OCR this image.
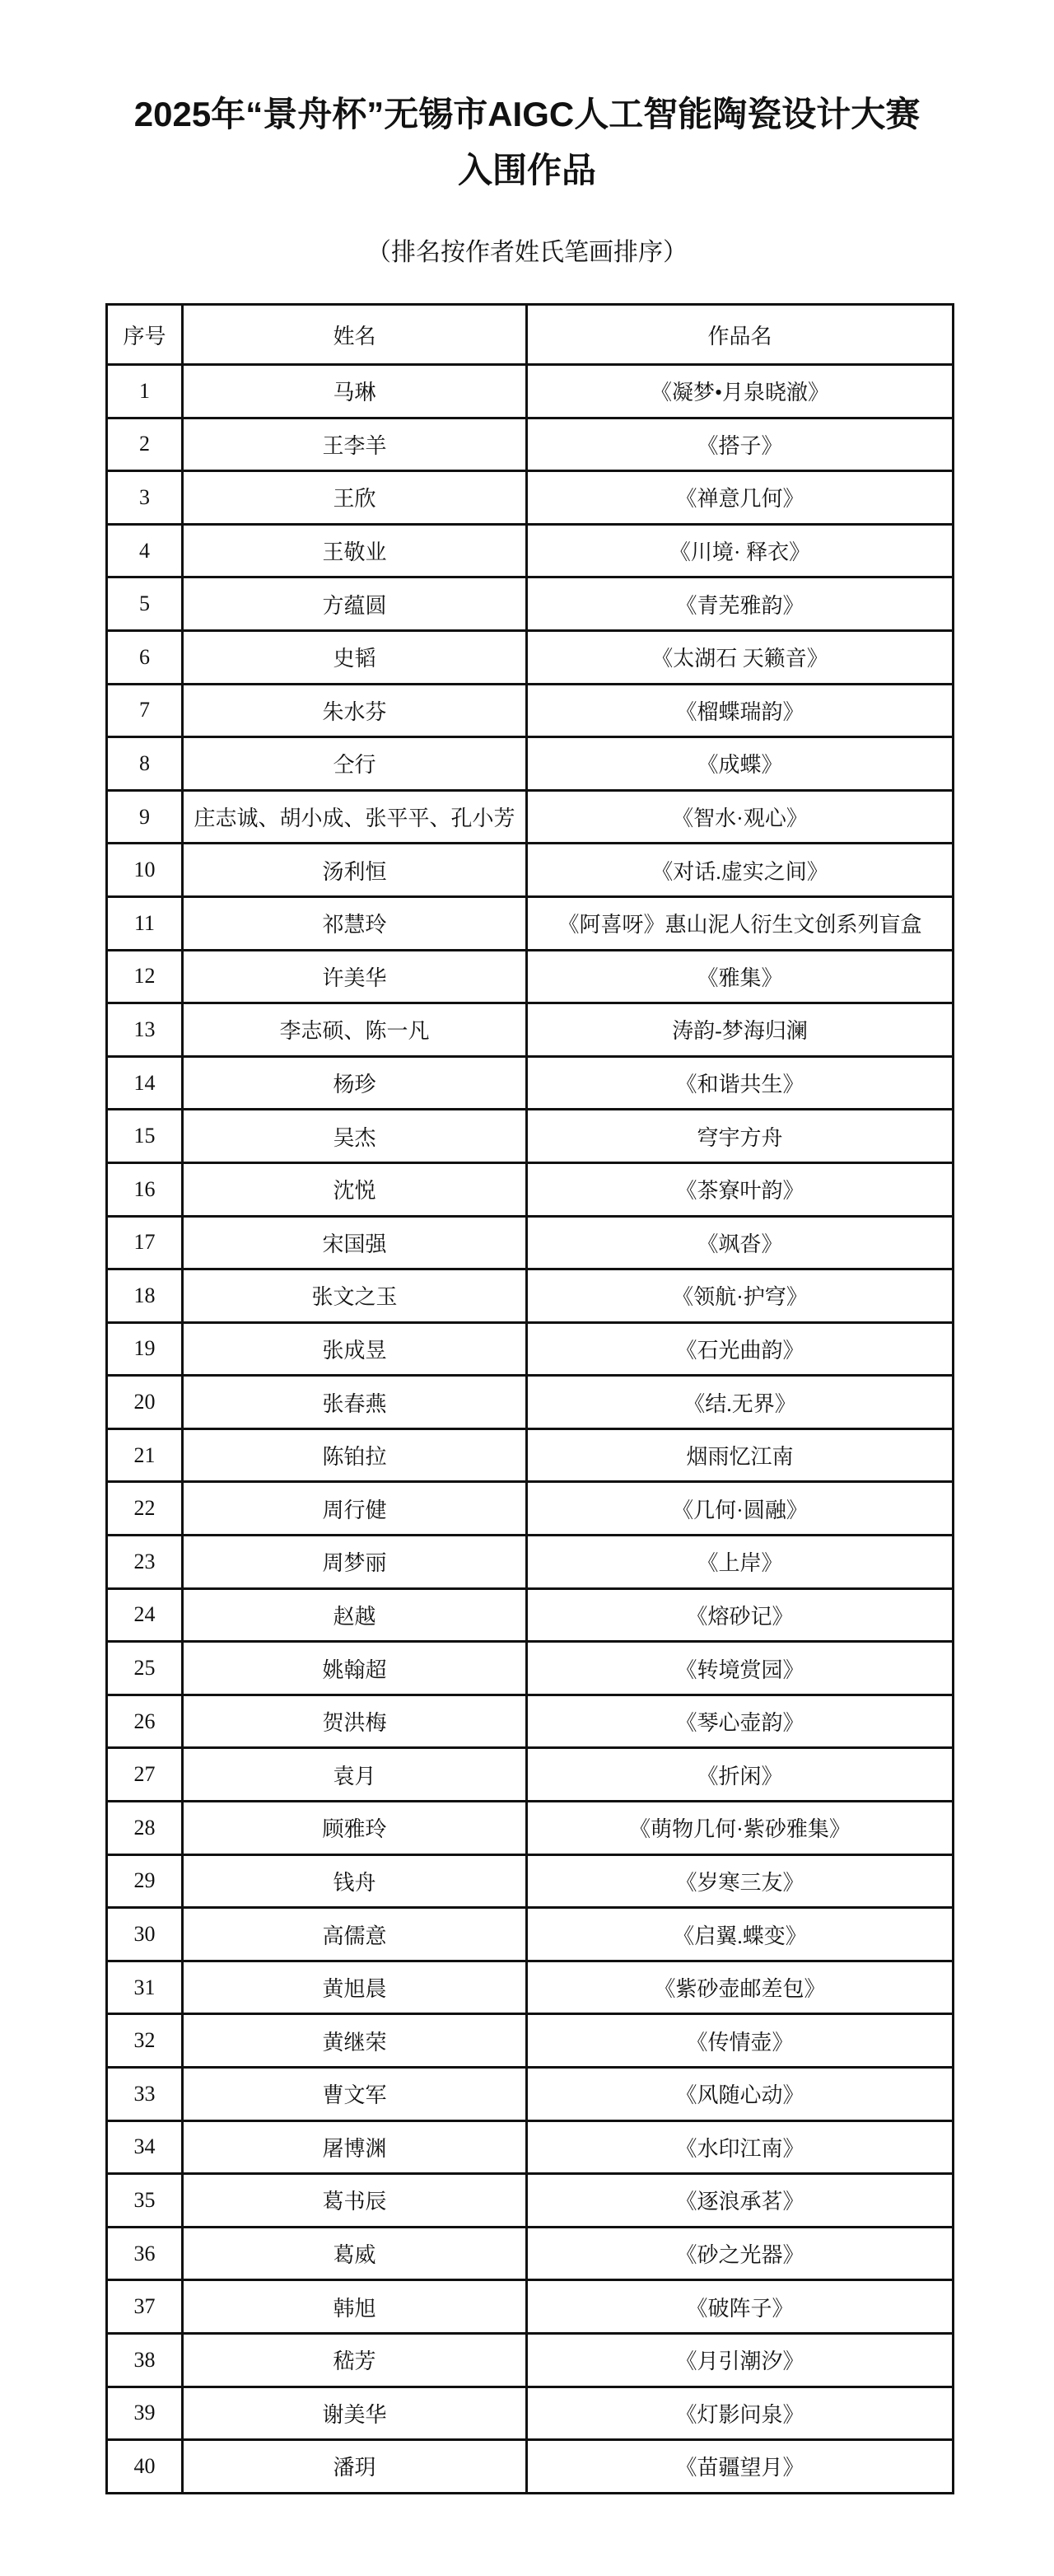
2025年“景舟杯”无锡市AIGC人工智能陶瓷设计大赛
入围作品
（排名按作者姓氏笔画排序）
序号	姓名	作品名
1	马琳	《凝梦•月泉晓澈》
2	王李羊	《搭子》
3	王欣	《禅意几何》
4	王敬业	《川境· 释衣》
5	方蕴圆	《青芜雅韵》
6	史韬	《太湖石 天籁音》
7	朱水芬	《榴蝶瑞韵》
8	仝行	《成蝶》
9	庄志诚、胡小成、张平平、孔小芳	《智水·观心》
10	汤利恒	《对话.虚实之间》
11	祁慧玲	《阿喜呀》惠山泥人衍生文创系列盲盒
12	许美华	《雅集》
13	李志硕、陈一凡	涛韵-梦海归澜
14	杨珍	《和谐共生》
15	吴杰	穹宇方舟
16	沈悦	《茶寮叶韵》
17	宋国强	《飒沓》
18	张文之玉	《领航·护穹》
19	张成昱	《石光曲韵》
20	张春燕	《结.无界》
21	陈铂拉	烟雨忆江南
22	周行健	《几何·圆融》
23	周梦丽	《上岸》
24	赵越	《熔砂记》
25	姚翰超	《转境赏园》
26	贺洪梅	《琴心壶韵》
27	袁月	《折闲》
28	顾雅玲	《萌物几何·紫砂雅集》
29	钱舟	《岁寒三友》
30	高儒意	《启翼.蝶变》
31	黄旭晨	《紫砂壶邮差包》
32	黄继荣	《传情壶》
33	曹文军	《风随心动》
34	屠博渊	《水印江南》
35	葛书辰	《逐浪承茗》
36	葛威	《砂之光器》
37	韩旭	《破阵子》
38	嵇芳	《月引潮汐》
39	谢美华	《灯影问泉》
40	潘玥	《苗疆望月》
